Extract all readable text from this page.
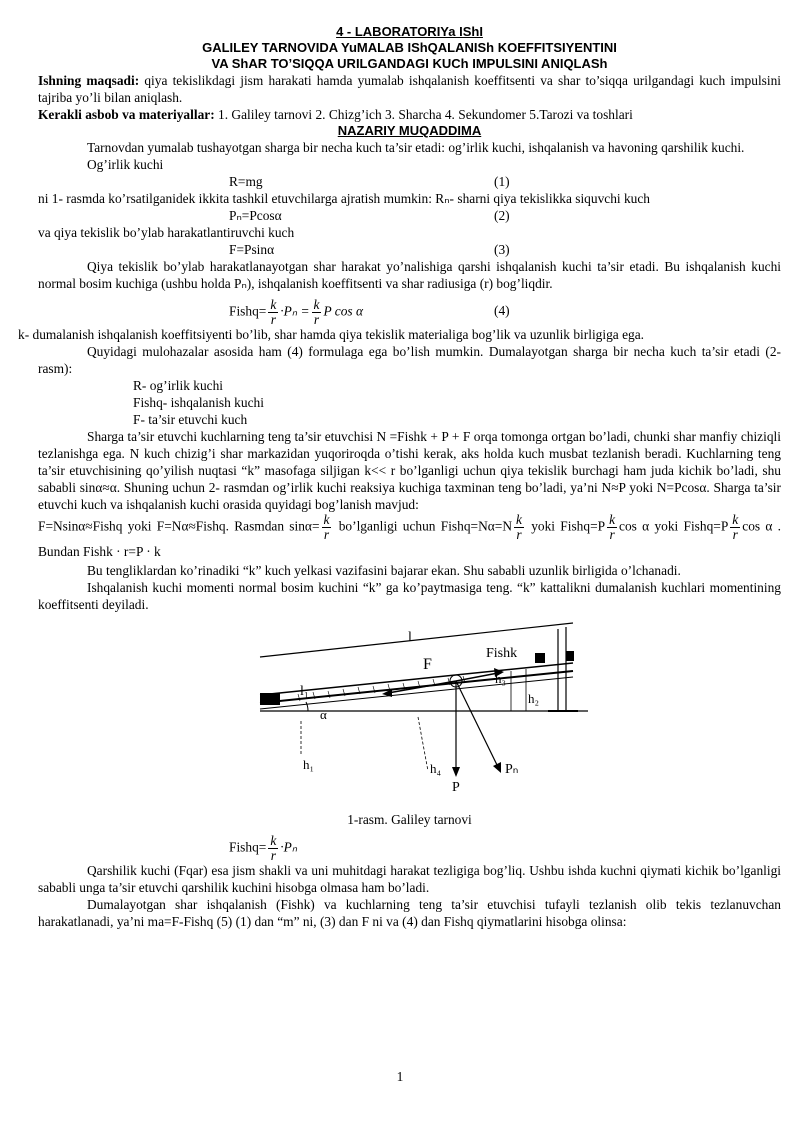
4 - LABORATORIYa IShI
GALILEY TARNOVIDA YuMALAB IShQALANISh KOEFFITSIYENTINI
VA ShAR TO’SIQQA URILGANDAGI KUCh IMPULSINI ANIQLASh

Ishning maqsadi: qiya tekislikdagi jism harakati hamda yumalab ishqalanish koeffitsenti va shar to’siqqa urilgandagi kuch impulsini tajriba yo’li bilan aniqlash.

Kerakli asbob va materiyallar: 1. Galiley tarnovi 2. Chizg’ich 3. Sharcha 4. Sekundomer 5.Tarozi va toshlari

NAZARIY MUQADDIMA

Tarnovdan yumalab tushayotgan sharga bir necha kuch ta’sir etadi: og’irlik kuchi, ishqalanish va havoning qarshilik kuchi.

Og’irlik kuchi

R=mg	(1)

ni 1- rasmda ko’rsatilganidek ikkita tashkil etuvchilarga ajratish mumkin: Rₙ- sharni qiya tekislikka siquvchi kuch

Pₙ=Pcosα	(2)

va qiya tekislik bo’ylab harakatlantiruvchi kuch

F=Psinα	(3)

Qiya tekislik bo’ylab harakatlanayotgan shar harakat yo’nalishiga qarshi ishqalanish kuchi ta’sir etadi. Bu ishqalanish kuchi normal bosim kuchiga (ushbu holda Pₙ), ishqalanish koeffitsenti va shar radiusiga (r) bog’liqdir.

Fishq= $\frac{k}{r} \cdot P_n = \frac{k}{r}$ P cos α	(4)

k- dumalanish ishqalanish koeffitsiyenti bo’lib, shar hamda qiya tekislik materialiga bog’lik va uzunlik birligiga ega.

Quyidagi mulohazalar asosida ham (4) formulaga ega bo’lish mumkin. Dumalayotgan sharga bir necha kuch ta’sir etadi (2-rasm):

R- og’irlik kuchi
Fishq- ishqalanish kuchi
F- ta’sir etuvchi kuch

Sharga ta’sir etuvchi kuchlarning teng ta’sir etuvchisi N =Fishk + P + F orqa tomonga ortgan bo’ladi, chunki shar manfiy chiziqli tezlanishga ega. N kuch chizig’i shar markazidan yuqoriroqda o’tishi kerak, aks holda kuch musbat tezlanish beradi. Kuchlarning teng ta’sir etuvchisining qo’yilish nuqtasi “k” masofaga siljigan k<< r bo’lganligi uchun qiya tekislik burchagi ham juda kichik bo’ladi, shu sababli sinα≈α. Shuning uchun 2- rasmdan og’irlik kuchi reaksiya kuchiga taxminan teng bo’ladi, ya’ni N≈P yoki N=Pcosα. Sharga ta’sir etuvchi kuch va ishqalanish kuchi orasida quyidagi bog’lanish mavjud:

F=Nsinα≈Fishq yoki F=Nα≈Fishq. Rasmdan $\sin\alpha= \frac{k}{r}$ bo’lganligi uchun Fishq=Nα=N $\frac{k}{r}$ yoki Fishq=P $\frac{k}{r}$ cos α yoki Fishq=P $\frac{k}{r}$ cos α . Bundan Fishk · r=P · k

Bu tengliklardan ko’rinadiki “k” kuch yelkasi vazifasini bajarar ekan. Shu sababli uzunlik birligida o’lchanadi.

Ishqalanish kuchi momenti normal bosim kuchini “k” ga ko’paytmasiga teng. “k” kattalikni dumalanish kuchlari momentining koeffitsenti deyiladi.

l
l₁
F
Fishk
h₁
h₂
h₃
h₄
α
P
Pₙ
1-rasm. Galiley tarnovi
Fishq= $\frac{k}{r} \cdot P_n$

Qarshilik kuchi (Fqar) esa jism shakli va uni muhitdagi harakat tezligiga bog’liq. Ushbu ishda kuchni qiymati kichik bo’lganligi sababli unga ta’sir etuvchi qarshilik kuchini hisobga olmasa ham bo’ladi.

Dumalayotgan shar ishqalanish (Fishk) va kuchlarning teng ta’sir etuvchisi tufayli tezlanish olib tekis tezlanuvchan harakatlanadi, ya’ni ma=F-Fishq (5) (1) dan “m” ni, (3) dan F ni va (4) dan Fishq qiymatlarini hisobga olinsa:

1
